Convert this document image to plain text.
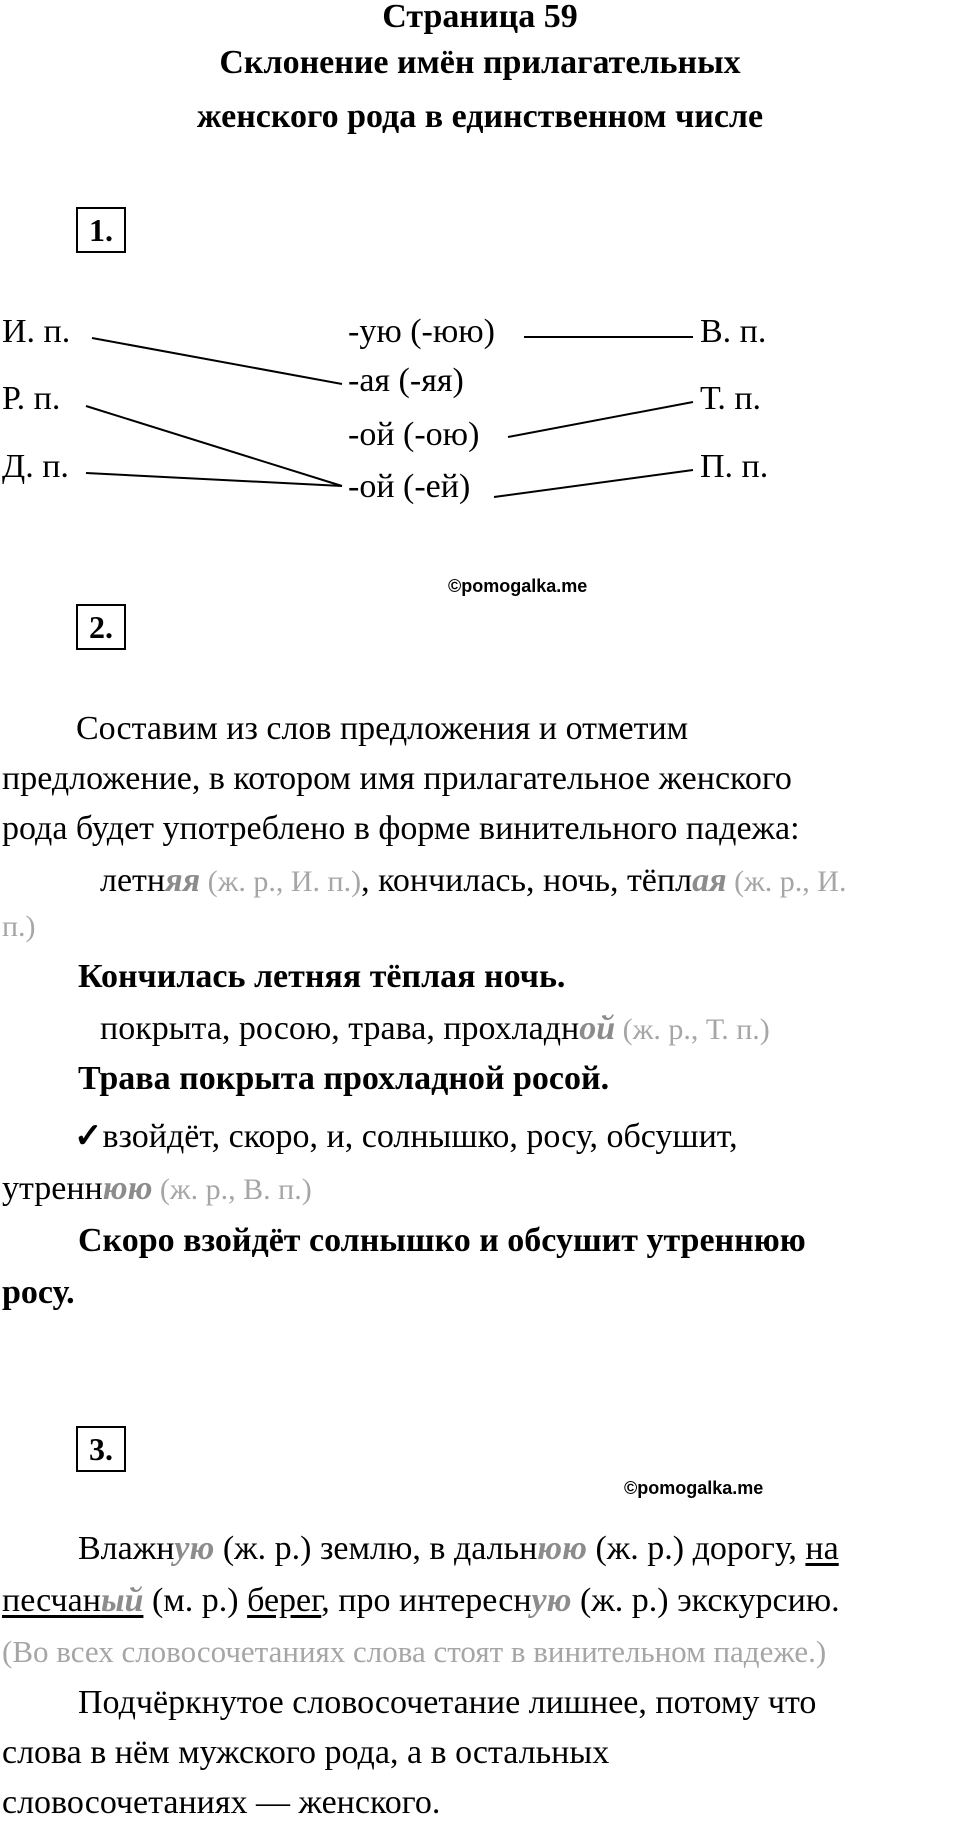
Страница 59
Склонение имён прилагательных
женского рода в единственном числе
1.
И. п.
Р. п.
Д. п.
-ую (-юю)
-ая (-яя)
-ой (-ою)
-ой (-ей)
В. п.
Т. п.
П. п.
©pomogalka.me
2.
Составим из слов предложения и отметим
предложение, в котором имя прилагательное женского
рода будет употреблено в форме винительного падежа:
летняя (ж. р., И. п.), кончилась, ночь, тёплая (ж. р., И.
п.)
Кончилась летняя тёплая ночь.
покрыта, росою, трава, прохладной (ж. р., Т. п.)
Трава покрыта прохладной росой.
✓взойдёт, скоро, и, солнышко, росу, обсушит,
утреннюю (ж. р., В. п.)
Скоро взойдёт солнышко и обсушит утреннюю
росу.
3.
©pomogalka.me
Влажную (ж. р.) землю, в дальнюю (ж. р.) дорогу, на
песчаный (м. р.) берег, про интересную (ж. р.) экскурсию.
(Во всех словосочетаниях слова стоят в винительном падеже.)
Подчёркнутое словосочетание лишнее, потому что
слова в нём мужского рода, а в остальных
словосочетаниях — женского.
